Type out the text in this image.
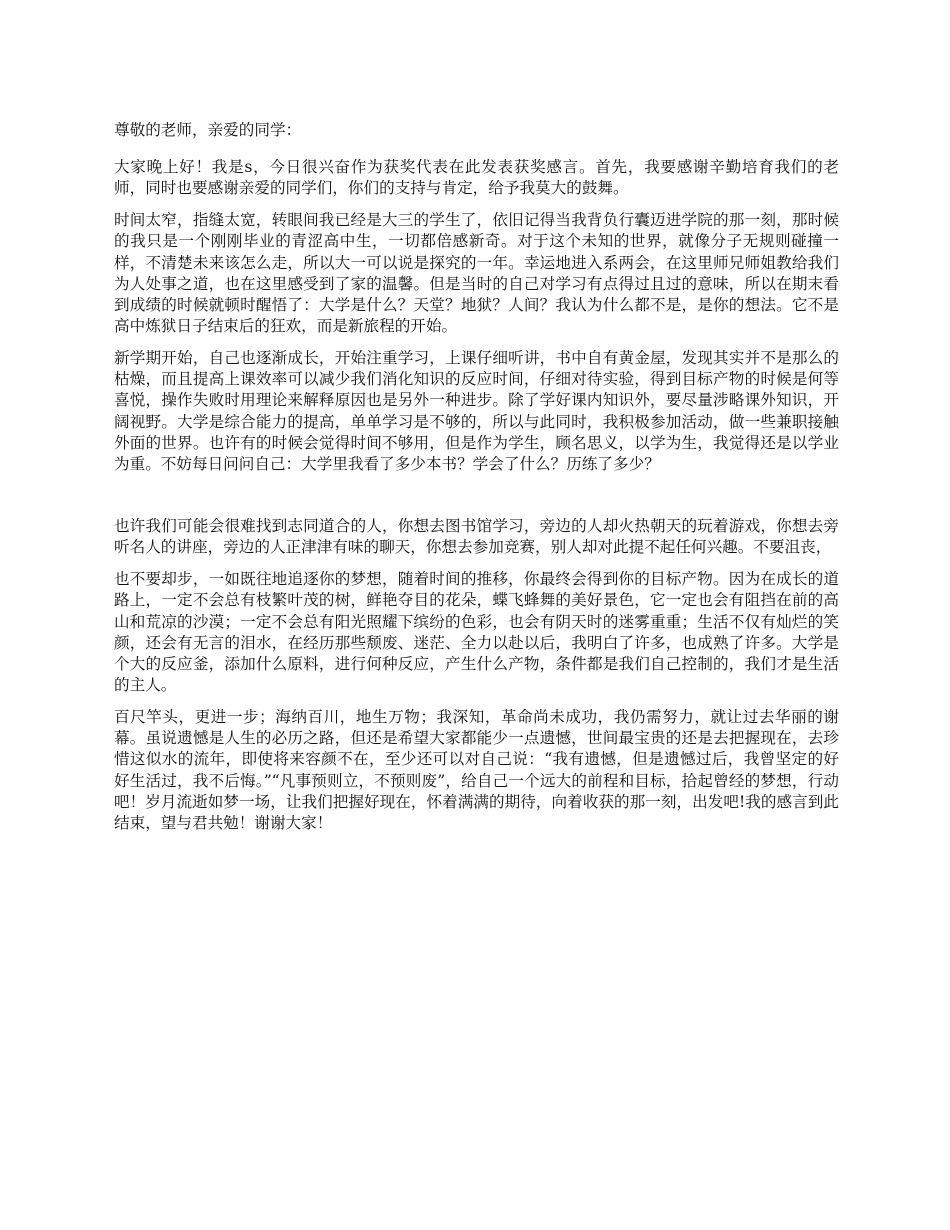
尊敬的老师，亲爱的同学：

大家晚上好！我是s，今日很兴奋作为获奖代表在此发表获奖感言。首先，我要感谢辛勤培育我们的老师，同时也要感谢亲爱的同学们，你们的支持与肯定，给予我莫大的鼓舞。

时间太窄，指缝太宽，转眼间我已经是大三的学生了，依旧记得当我背负行囊迈进学院的那一刻，那时候的我只是一个刚刚毕业的青涩高中生，一切都倍感新奇。对于这个未知的世界，就像分子无规则碰撞一样，不清楚未来该怎么走，所以大一可以说是探究的一年。幸运地进入系两会，在这里师兄师姐教给我们为人处事之道，也在这里感受到了家的温馨。但是当时的自己对学习有点得过且过的意味，所以在期末看到成绩的时候就顿时醒悟了：大学是什么？天堂？地狱？人间？我认为什么都不是，是你的想法。它不是高中炼狱日子结束后的狂欢，而是新旅程的开始。

新学期开始，自己也逐渐成长，开始注重学习，上课仔细听讲，书中自有黄金屋，发现其实并不是那么的枯燥，而且提高上课效率可以减少我们消化知识的反应时间，仔细对待实验，得到目标产物的时候是何等喜悦，操作失败时用理论来解释原因也是另外一种进步。除了学好课内知识外，要尽量涉略课外知识，开阔视野。大学是综合能力的提高，单单学习是不够的，所以与此同时，我积极参加活动，做一些兼职接触外面的世界。也许有的时候会觉得时间不够用，但是作为学生，顾名思义，以学为生，我觉得还是以学业为重。不妨每日问问自己：大学里我看了多少本书？学会了什么？历练了多少？

也许我们可能会很难找到志同道合的人，你想去图书馆学习，旁边的人却火热朝天的玩着游戏，你想去旁听名人的讲座，旁边的人正津津有味的聊天，你想去参加竞赛，别人却对此提不起任何兴趣。不要沮丧，

也不要却步，一如既往地追逐你的梦想，随着时间的推移，你最终会得到你的目标产物。因为在成长的道路上，一定不会总有枝繁叶茂的树，鲜艳夺目的花朵，蝶飞蜂舞的美好景色，它一定也会有阻挡在前的高山和荒凉的沙漠；一定不会总有阳光照耀下缤纷的色彩，也会有阴天时的迷雾重重；生活不仅有灿烂的笑颜，还会有无言的泪水，在经历那些颓废、迷茫、全力以赴以后，我明白了许多，也成熟了许多。大学是个大的反应釜，添加什么原料，进行何种反应，产生什么产物，条件都是我们自己控制的，我们才是生活的主人。

百尺竿头，更进一步；海纳百川，地生万物；我深知，革命尚未成功，我仍需努力，就让过去华丽的谢幕。虽说遗憾是人生的必历之路，但还是希望大家都能少一点遗憾，世间最宝贵的还是去把握现在，去珍惜这似水的流年，即使将来容颜不在，至少还可以对自己说：“我有遗憾，但是遗憾过后，我曾坚定的好好生活过，我不后悔。”“凡事预则立，不预则废”，给自己一个远大的前程和目标，拾起曾经的梦想，行动吧！岁月流逝如梦一场，让我们把握好现在，怀着满满的期待，向着收获的那一刻，出发吧!我的感言到此结束，望与君共勉！谢谢大家！
